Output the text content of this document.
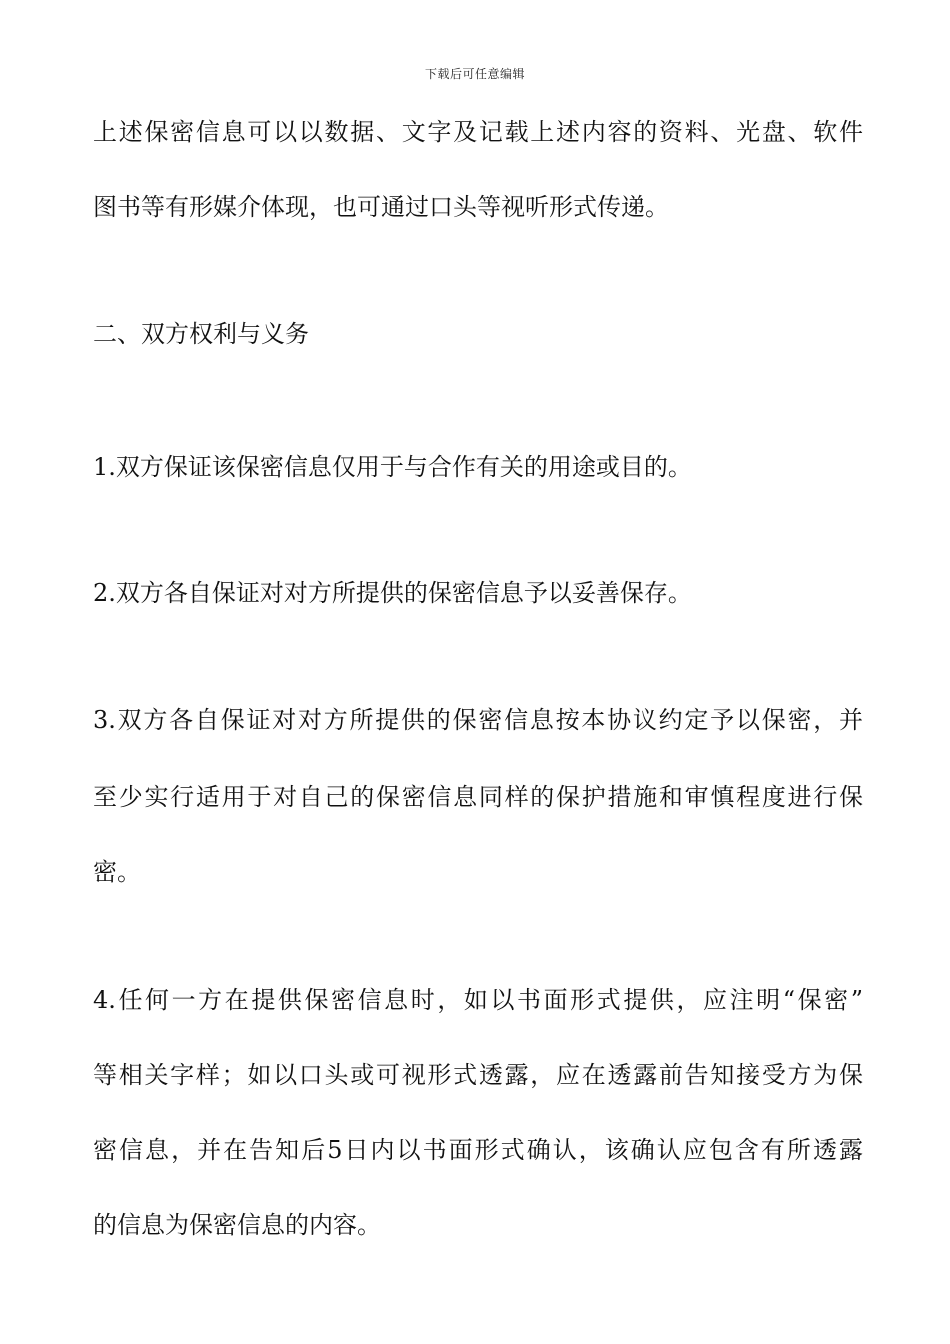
下载后可任意编辑
上述保密信息可以以数据、文字及记载上述内容的资料、光盘、软件
图书等有形媒介体现，也可通过口头等视听形式传递。
二、双方权利与义务
1.双方保证该保密信息仅用于与合作有关的用途或目的。
2.双方各自保证对对方所提供的保密信息予以妥善保存。
3.双方各自保证对对方所提供的保密信息按本协议约定予以保密，并
至少实行适用于对自己的保密信息同样的保护措施和审慎程度进行保
密。
4.任何一方在提供保密信息时，如以书面形式提供，应注明“保密”
等相关字样；如以口头或可视形式透露，应在透露前告知接受方为保
密信息，并在告知后5日内以书面形式确认，该确认应包含有所透露
的信息为保密信息的内容。
